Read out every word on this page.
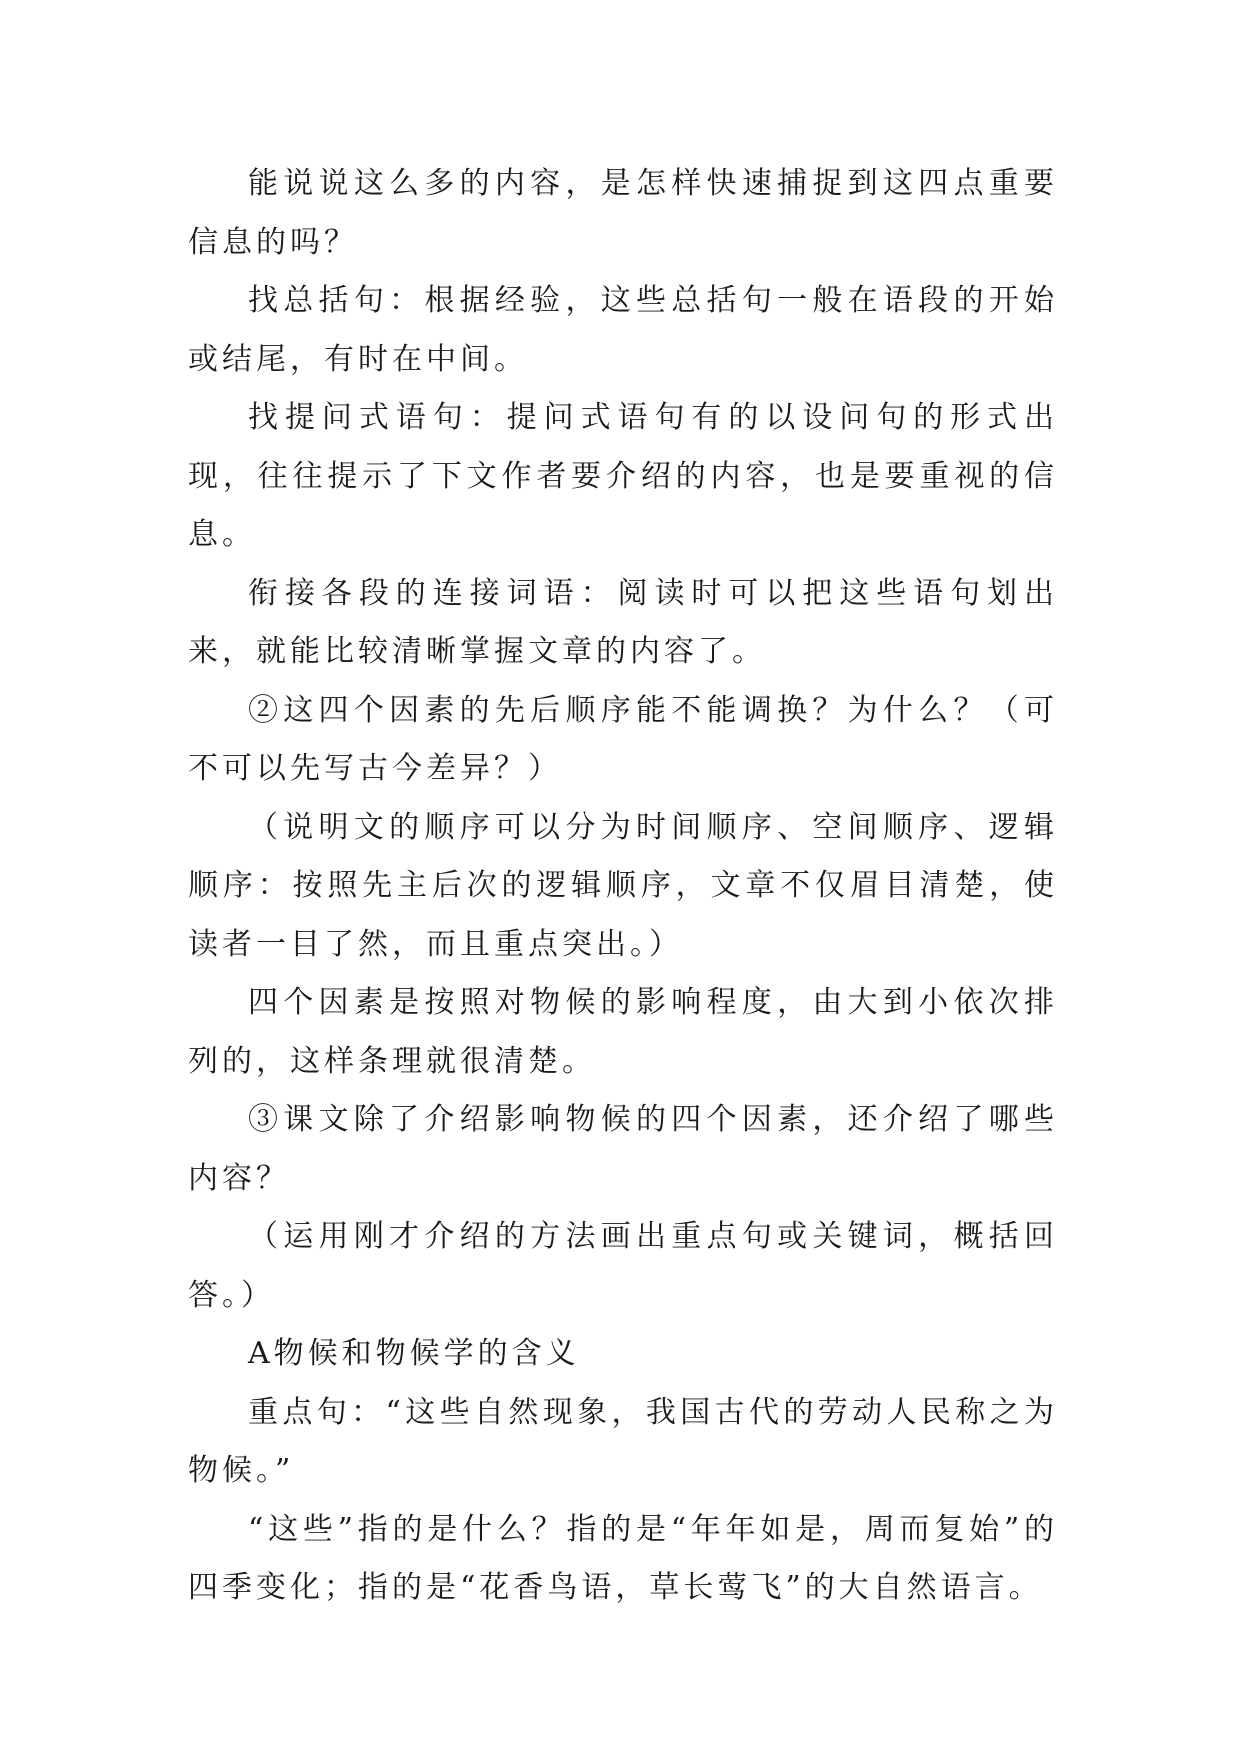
能说说这么多的内容，是怎样快速捕捉到这四点重要信息的吗？

找总括句：根据经验，这些总括句一般在语段的开始或结尾，有时在中间。

找提问式语句：提问式语句有的以设问句的形式出现，往往提示了下文作者要介绍的内容，也是要重视的信息。

衔接各段的连接词语：阅读时可以把这些语句划出来，就能比较清晰掌握文章的内容了。

②这四个因素的先后顺序能不能调换？为什么？（可不可以先写古今差异？）

（说明文的顺序可以分为时间顺序、空间顺序、逻辑顺序：按照先主后次的逻辑顺序，文章不仅眉目清楚，使读者一目了然，而且重点突出。）

四个因素是按照对物候的影响程度，由大到小依次排列的，这样条理就很清楚。

③课文除了介绍影响物候的四个因素，还介绍了哪些内容？

（运用刚才介绍的方法画出重点句或关键词，概括回答。）

A物候和物候学的含义

重点句：“这些自然现象，我国古代的劳动人民称之为物候。”

“这些”指的是什么？指的是“年年如是，周而复始”的四季变化；指的是“花香鸟语，草长莺飞”的大自然语言。
